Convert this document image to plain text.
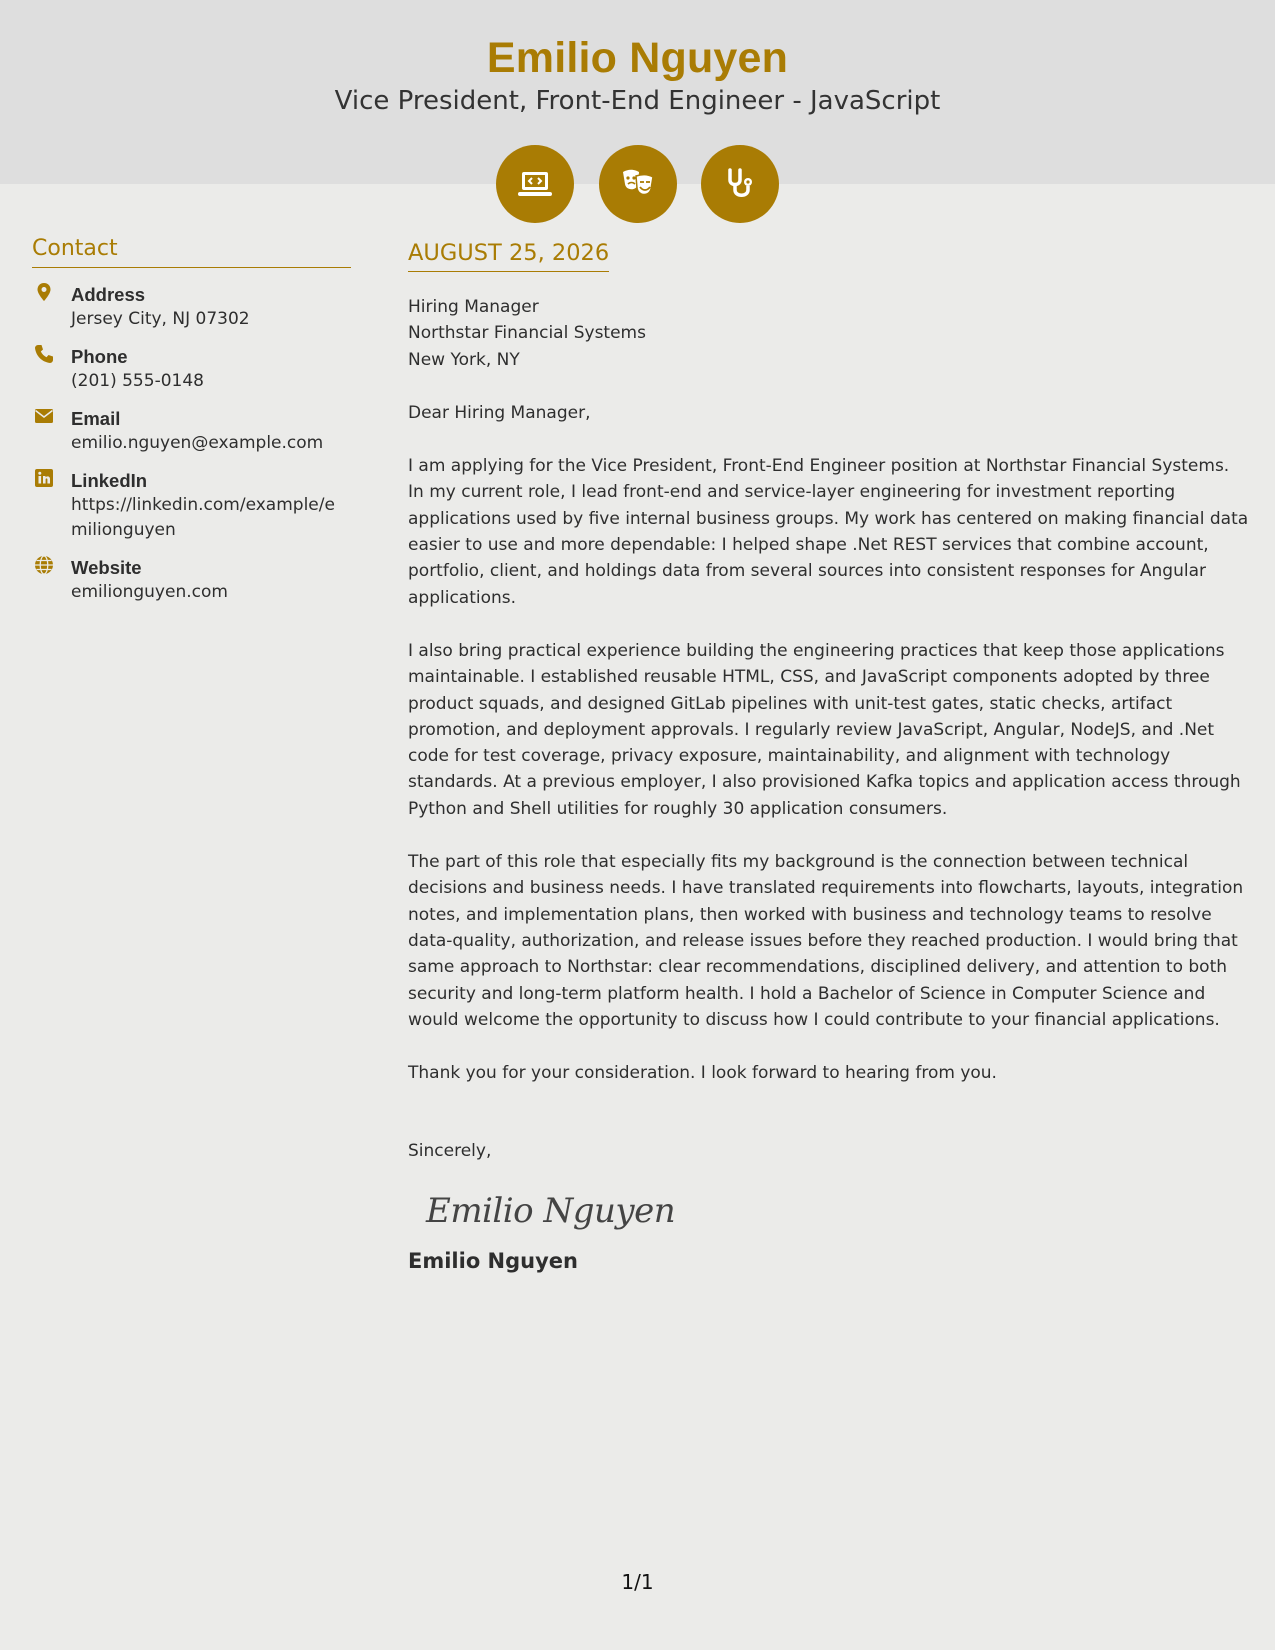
Emilio Nguyen
Vice President, Front-End Engineer - JavaScript
Contact
Address
Jersey City, NJ 07302
Phone
(201) 555-0148
Email
emilio.nguyen@example.com
LinkedIn
https://linkedin.com/example/emilionguyen
Website
emilionguyen.com
AUGUST 25, 2026
Hiring Manager
Northstar Financial Systems
New York, NY
Dear Hiring Manager,
I am applying for the Vice President, Front-End Engineer position at Northstar Financial Systems. In my current role, I lead front-end and service-layer engineering for investment reporting applications used by five internal business groups. My work has centered on making financial data easier to use and more dependable: I helped shape .Net REST services that combine account, portfolio, client, and holdings data from several sources into consistent responses for Angular applications.
I also bring practical experience building the engineering practices that keep those applications maintainable. I established reusable HTML, CSS, and JavaScript components adopted by three product squads, and designed GitLab pipelines with unit-test gates, static checks, artifact promotion, and deployment approvals. I regularly review JavaScript, Angular, NodeJS, and .Net code for test coverage, privacy exposure, maintainability, and alignment with technology standards. At a previous employer, I also provisioned Kafka topics and application access through Python and Shell utilities for roughly 30 application consumers.
The part of this role that especially fits my background is the connection between technical decisions and business needs. I have translated requirements into flowcharts, layouts, integration notes, and implementation plans, then worked with business and technology teams to resolve data-quality, authorization, and release issues before they reached production. I would bring that same approach to Northstar: clear recommendations, disciplined delivery, and attention to both security and long-term platform health. I hold a Bachelor of Science in Computer Science and would welcome the opportunity to discuss how I could contribute to your financial applications.
Thank you for your consideration. I look forward to hearing from you.
Sincerely,
Emilio Nguyen
Emilio Nguyen
1/1
